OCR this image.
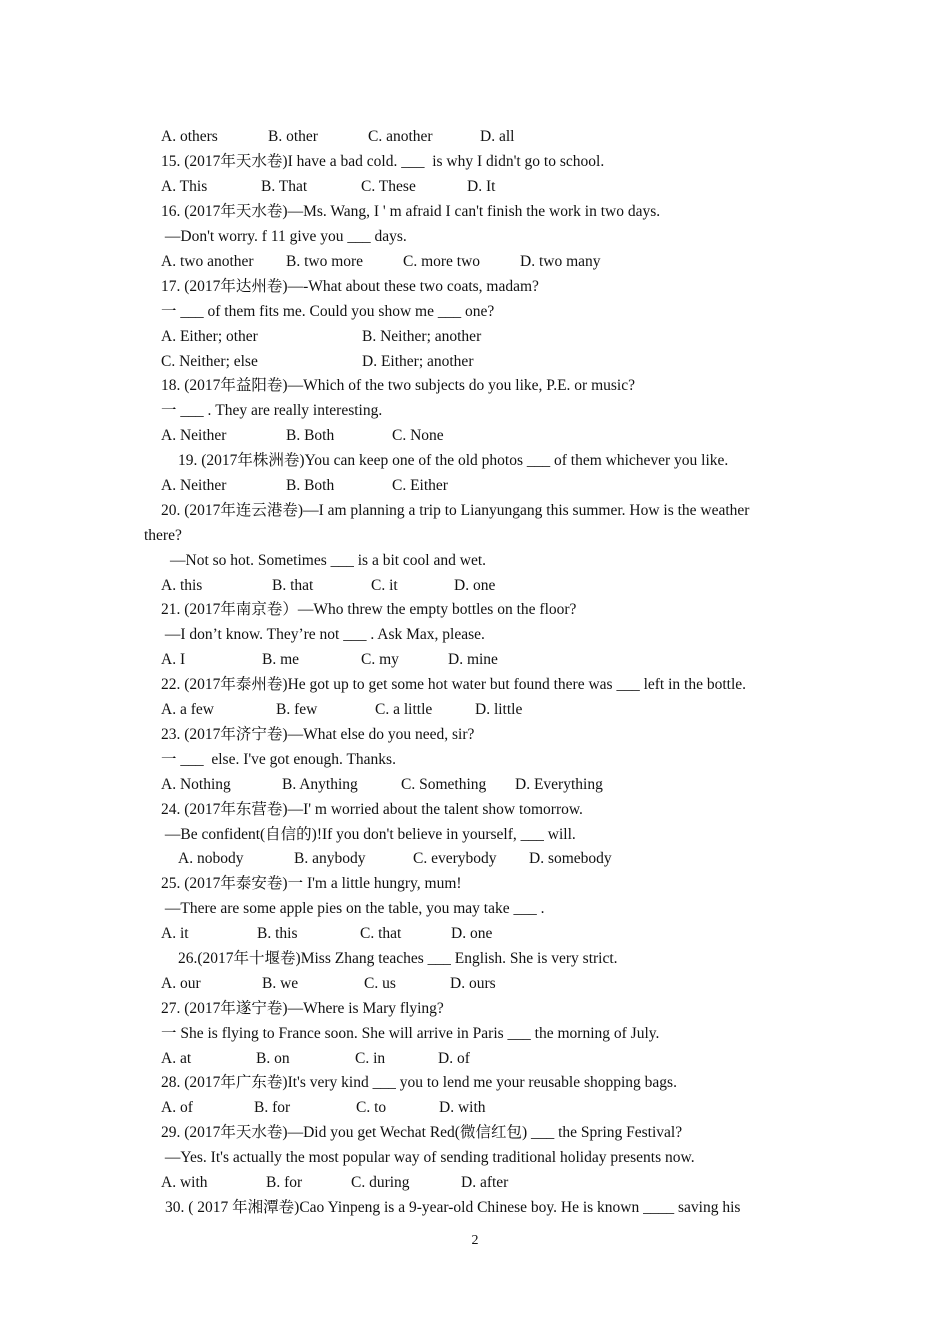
A. others	B. other	C. another	D. all
15. (2017年天水卷)I have a bad cold. ___  is why I didn't go to school.
A. This	B. That	C. These	D. It
16. (2017年天水卷)—Ms. Wang, I ' m afraid I can't finish the work in two days.
—Don't worry. f 11 give you ___ days.
A. two another B. two more	C. more two	D. two many
17. (2017年达州卷)—-What about these two coats, madam?
一 ___ of them fits me. Could you show me ___ one?
A. Either; other	B. Neither; another
C. Neither; else	D. Either; another
18. (2017年益阳卷)—Which of the two subjects do you like, P.E. or music?
一 ___ . They are really interesting.
A. Neither	B. Both	C. None
19. (2017年株洲卷)You can keep one of the old photos ___ of them whichever you like.
A. Neither	B. Both	C. Either
20. (2017年连云港卷)—I am planning a trip to Lianyungang this summer. How is the weather
there?
—Not so hot. Sometimes ___ is a bit cool and wet.
A. this	B. that	C. it	D. one
21. (2017年南京卷）—Who threw the empty bottles on the floor?
—I don’t know. They’re not ___ . Ask Max, please.
A. I	B. me	C. my	D. mine
22. (2017年泰州卷)He got up to get some hot water but found there was ___ left in the bottle.
A. a few	B. few	C. a little	D. little
23. (2017年济宁卷)—What else do you need, sir?
一 ___  else. I've got enough. Thanks.
A. Nothing	B. Anything	C. Something D. Everything
24. (2017年东营卷)—I' m worried about the talent show tomorrow.
—Be confident(自信的)!If you don't believe in yourself, ___ will.
A. nobody	B. anybody	C. everybody D. somebody
25. (2017年泰安卷)一 I'm a little hungry, mum!
—There are some apple pies on the table, you may take ___ .
A. it	B. this	C. that	D. one
26.(2017年十堰卷)Miss Zhang teaches ___ English. She is very strict.
A. our	B. we	C. us	D. ours
27. (2017年遂宁卷)—Where is Mary flying?
一 She is flying to France soon. She will arrive in Paris ___ the morning of July.
A. at	B. on	C. in	D. of
28. (2017年广东卷)It's very kind ___ you to lend me your reusable shopping bags.
A. of	B. for	C. to	D. with
29. (2017年天水卷)—Did you get Wechat Red(微信红包) ___ the Spring Festival?
—Yes. It's actually the most popular way of sending traditional holiday presents now.
A. with	B. for	C. during	D. after
30. ( 2017 年湘潭卷)Cao Yinpeng is a 9-year-old Chinese boy. He is known ____ saving his
2
